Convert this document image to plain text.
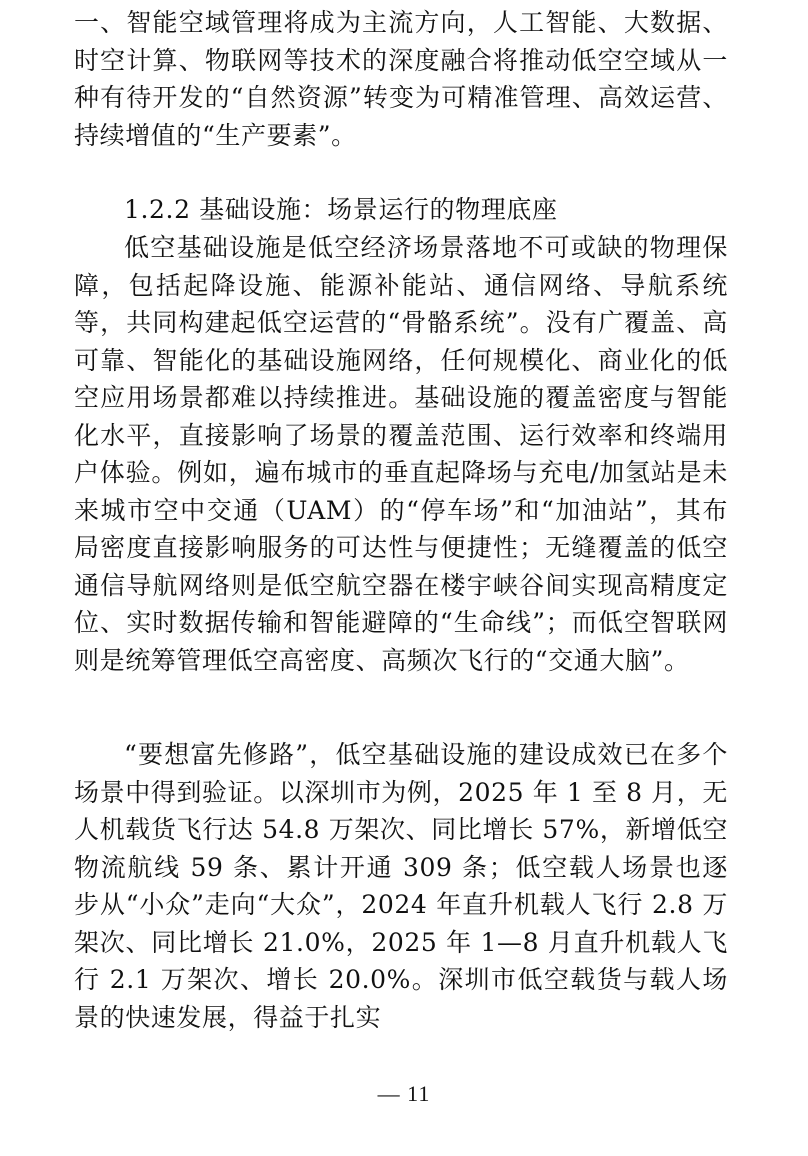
一、智能空域管理将成为主流方向，人工智能、大数据、时空计算、物联网等技术的深度融合将推动低空空域从一种有待开发的“自然资源”转变为可精准管理、高效运营、持续增值的“生产要素”。

1.2.2 基础设施：场景运行的物理底座

低空基础设施是低空经济场景落地不可或缺的物理保障，包括起降设施、能源补能站、通信网络、导航系统等，共同构建起低空运营的“骨骼系统”。没有广覆盖、高可靠、智能化的基础设施网络，任何规模化、商业化的低空应用场景都难以持续推进。基础设施的覆盖密度与智能化水平，直接影响了场景的覆盖范围、运行效率和终端用户体验。例如，遍布城市的垂直起降场与充电/加氢站是未来城市空中交通（UAM）的“停车场”和“加油站”，其布局密度直接影响服务的可达性与便捷性；无缝覆盖的低空通信导航网络则是低空航空器在楼宇峡谷间实现高精度定位、实时数据传输和智能避障的“生命线”；而低空智联网则是统筹管理低空高密度、高频次飞行的“交通大脑”。

“要想富先修路”，低空基础设施的建设成效已在多个场景中得到验证。以深圳市为例，2025 年 1 至 8 月，无人机载货飞行达 54.8 万架次、同比增长 57%，新增低空物流航线 59 条、累计开通 309 条；低空载人场景也逐步从“小众”走向“大众”，2024 年直升机载人飞行 2.8 万架次、同比增长 21.0%，2025 年 1—8 月直升机载人飞行 2.1 万架次、增长 20.0%。深圳市低空载货与载人场景的快速发展，得益于扎实

— 11
